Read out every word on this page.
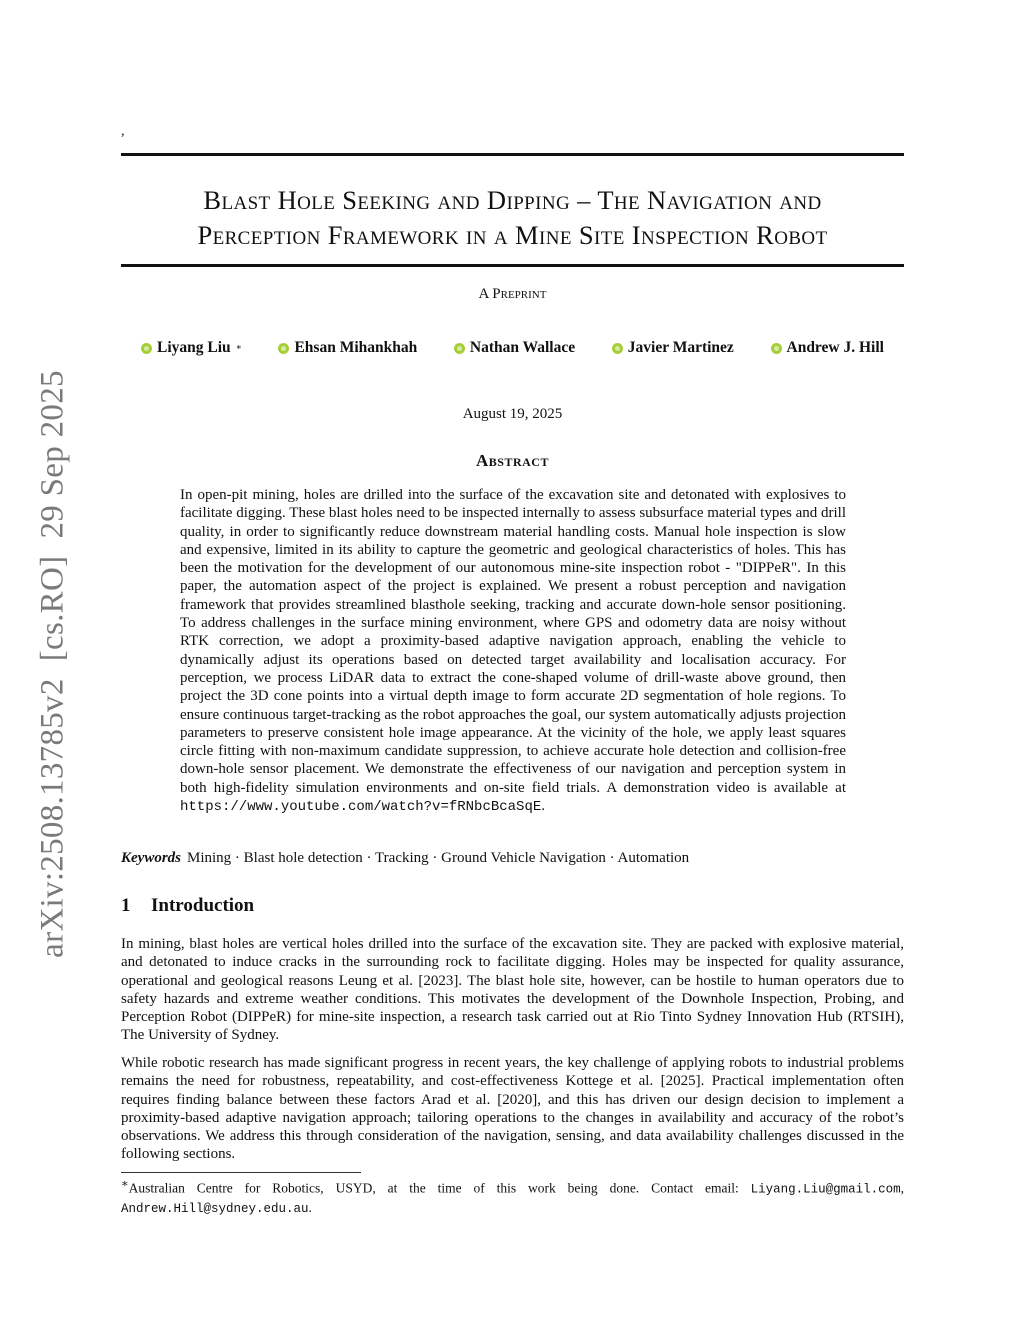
,
Blast Hole Seeking and Dipping – The Navigation and
Perception Framework in a Mine Site Inspection Robot
A Preprint
Liyang Liu ∗	Ehsan Mihankhah	Nathan Wallace	Javier Martinez	Andrew J. Hill
August 19, 2025
Abstract
In open-pit mining, holes are drilled into the surface of the excavation site and detonated with explosives to facilitate digging. These blast holes need to be inspected internally to assess subsurface material types and drill quality, in order to significantly reduce downstream material handling costs. Manual hole inspection is slow and expensive, limited in its ability to capture the geometric and geological characteristics of holes. This has been the motivation for the development of our autonomous mine-site inspection robot - "DIPPeR". In this paper, the automation aspect of the project is explained. We present a robust perception and navigation framework that provides streamlined blasthole seeking, tracking and accurate down-hole sensor positioning. To address challenges in the surface mining environment, where GPS and odometry data are noisy without RTK correction, we adopt a proximity-based adaptive navigation approach, enabling the vehicle to dynamically adjust its operations based on detected target availability and localisation accuracy. For perception, we process LiDAR data to extract the cone-shaped volume of drill-waste above ground, then project the 3D cone points into a virtual depth image to form accurate 2D segmentation of hole regions. To ensure continuous target-tracking as the robot approaches the goal, our system automatically adjusts projection parameters to preserve consistent hole image appearance. At the vicinity of the hole, we apply least squares circle fitting with non-maximum candidate suppression, to achieve accurate hole detection and collision-free down-hole sensor placement. We demonstrate the effectiveness of our navigation and perception system in both high-fidelity simulation environments and on-site field trials. A demonstration video is available at https://www.youtube.com/watch?v=fRNbcBcaSqE.
Keywords Mining · Blast hole detection · Tracking · Ground Vehicle Navigation · Automation
1 Introduction
In mining, blast holes are vertical holes drilled into the surface of the excavation site. They are packed with explosive material, and detonated to induce cracks in the surrounding rock to facilitate digging. Holes may be inspected for quality assurance, operational and geological reasons Leung et al. [2023]. The blast hole site, however, can be hostile to human operators due to safety hazards and extreme weather conditions. This motivates the development of the Downhole Inspection, Probing, and Perception Robot (DIPPeR) for mine-site inspection, a research task carried out at Rio Tinto Sydney Innovation Hub (RTSIH), The University of Sydney.
While robotic research has made significant progress in recent years, the key challenge of applying robots to industrial problems remains the need for robustness, repeatability, and cost-effectiveness Kottege et al. [2025]. Practical implementation often requires finding balance between these factors Arad et al. [2020], and this has driven our design decision to implement a proximity-based adaptive navigation approach; tailoring operations to the changes in availability and accuracy of the robot’s observations. We address this through consideration of the navigation, sensing, and data availability challenges discussed in the following sections.
∗Australian Centre for Robotics, USYD, at the time of this work being done. Contact email: Liyang.Liu@gmail.com, Andrew.Hill@sydney.edu.au.
arXiv:2508.13785v2  [cs.RO]  29 Sep 2025
